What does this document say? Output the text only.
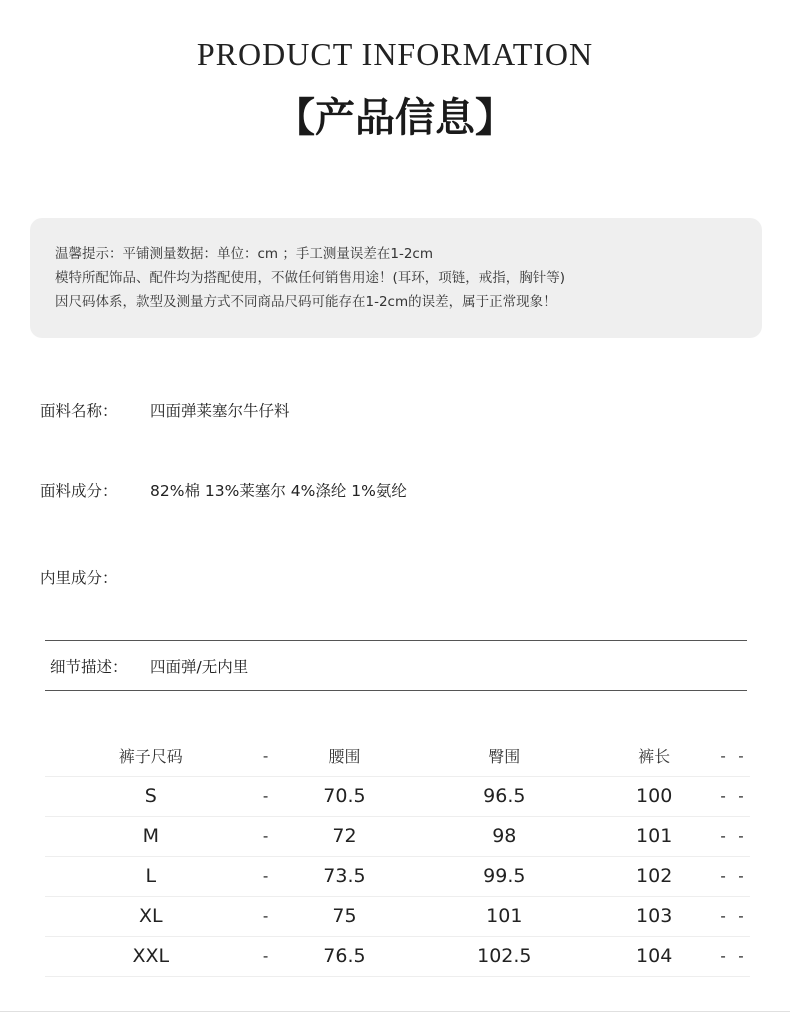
PRODUCT INFORMATION
【产品信息】
温馨提示：平铺测量数据：单位：cm ；手工测量误差在1-2cm
模特所配饰品、配件均为搭配使用，不做任何销售用途！(耳环，项链，戒指，胸针等)
因尺码体系，款型及测量方式不同商品尺码可能存在1-2cm的误差，属于正常现象！
面料名称： 四面弹莱塞尔牛仔料
面料成分： 82%棉 13%莱塞尔 4%涤纶 1%氨纶
内里成分：
细节描述： 四面弹/无内里
裤子尺码	-	腰围	臀围	裤长	-	-
S	-	70.5	96.5	100	-	-
M	-	72	98	101	-	-
L	-	73.5	99.5	102	-	-
XL	-	75	101	103	-	-
XXL	-	76.5	102.5	104	-	-
